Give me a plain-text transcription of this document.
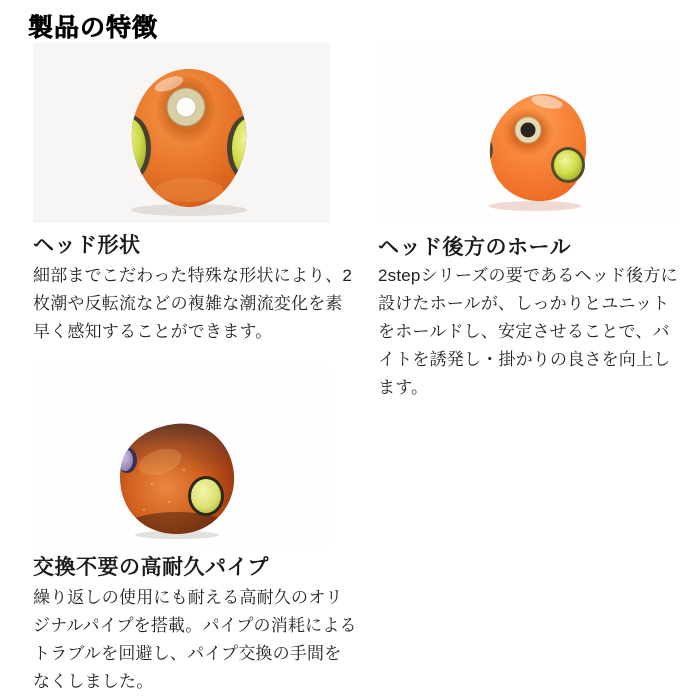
製品の特徴
ヘッド形状

細部までこだわった特殊な形状により、2枚潮や反転流などの複雑な潮流変化を素早く感知することができます。

ヘッド後方のホール

2stepシリーズの要であるヘッド後方に設けたホールが、しっかりとユニットをホールドし、安定させることで、バイトを誘発し・掛かりの良さを向上します。

交換不要の高耐久パイプ

繰り返しの使用にも耐える高耐久のオリジナルパイプを搭載。パイプの消耗によるトラブルを回避し、パイプ交換の手間をなくしました。
